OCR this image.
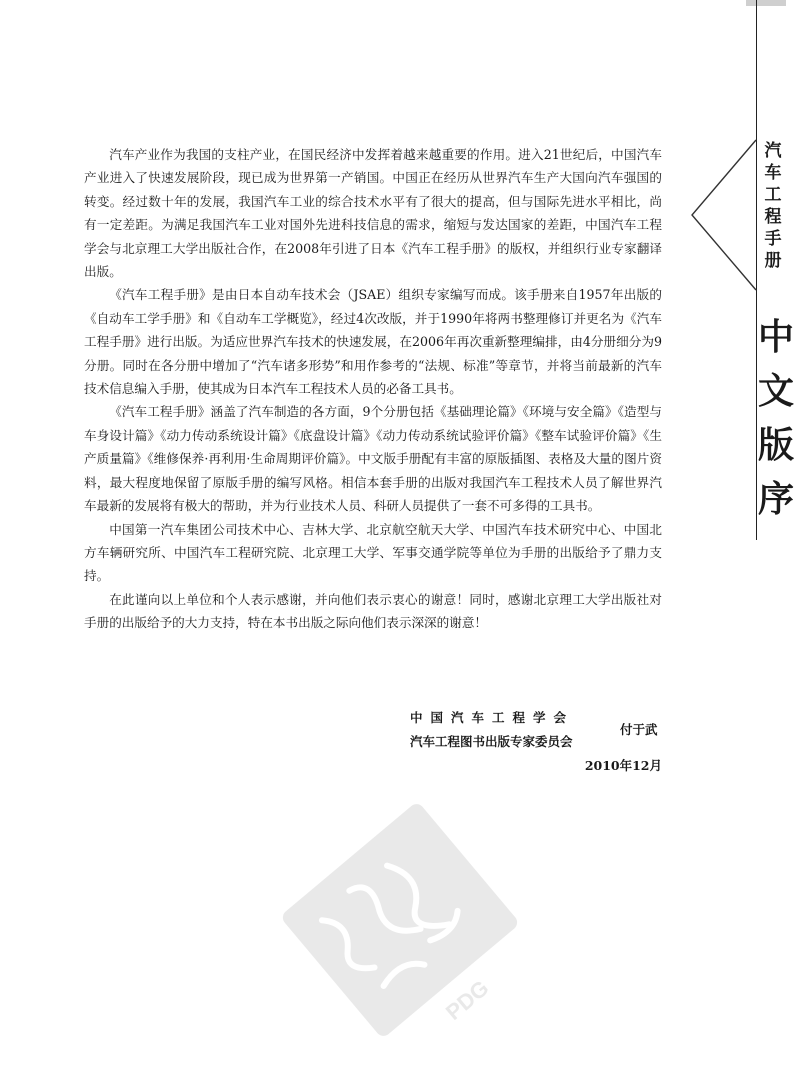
汽车产业作为我国的支柱产业，在国民经济中发挥着越来越重要的作用。进入21世纪后，中国汽车产业进入了快速发展阶段，现已成为世界第一产销国。中国正在经历从世界汽车生产大国向汽车强国的转变。经过数十年的发展，我国汽车工业的综合技术水平有了很大的提高，但与国际先进水平相比，尚有一定差距。为满足我国汽车工业对国外先进科技信息的需求，缩短与发达国家的差距，中国汽车工程学会与北京理工大学出版社合作，在2008年引进了日本《汽车工程手册》的版权，并组织行业专家翻译出版。

《汽车工程手册》是由日本自动车技术会（JSAE）组织专家编写而成。该手册来自1957年出版的《自动车工学手册》和《自动车工学概览》，经过4次改版，并于1990年将两书整理修订并更名为《汽车工程手册》进行出版。为适应世界汽车技术的快速发展，在2006年再次重新整理编排，由4分册细分为9分册。同时在各分册中增加了“汽车诸多形势”和用作参考的“法规、标准”等章节，并将当前最新的汽车技术信息编入手册，使其成为日本汽车工程技术人员的必备工具书。

《汽车工程手册》涵盖了汽车制造的各方面，9个分册包括《基础理论篇》《环境与安全篇》《造型与车身设计篇》《动力传动系统设计篇》《底盘设计篇》《动力传动系统试验评价篇》《整车试验评价篇》《生产质量篇》《维修保养·再利用·生命周期评价篇》。中文版手册配有丰富的原版插图、表格及大量的图片资料，最大程度地保留了原版手册的编写风格。相信本套手册的出版对我国汽车工程技术人员了解世界汽车最新的发展将有极大的帮助，并为行业技术人员、科研人员提供了一套不可多得的工具书。

中国第一汽车集团公司技术中心、吉林大学、北京航空航天大学、中国汽车技术研究中心、中国北方车辆研究所、中国汽车工程研究院、北京理工大学、军事交通学院等单位为手册的出版给予了鼎力支持。

在此谨向以上单位和个人表示感谢，并向他们表示衷心的谢意！同时，感谢北京理工大学出版社对手册的出版给予的大力支持，特在本书出版之际向他们表示深深的谢意！

中国汽车工程学会
汽车工程图书出版专家委员会
付于武
2010年12月
汽
车
工
程
手
册
中
文
版
序
PDG
